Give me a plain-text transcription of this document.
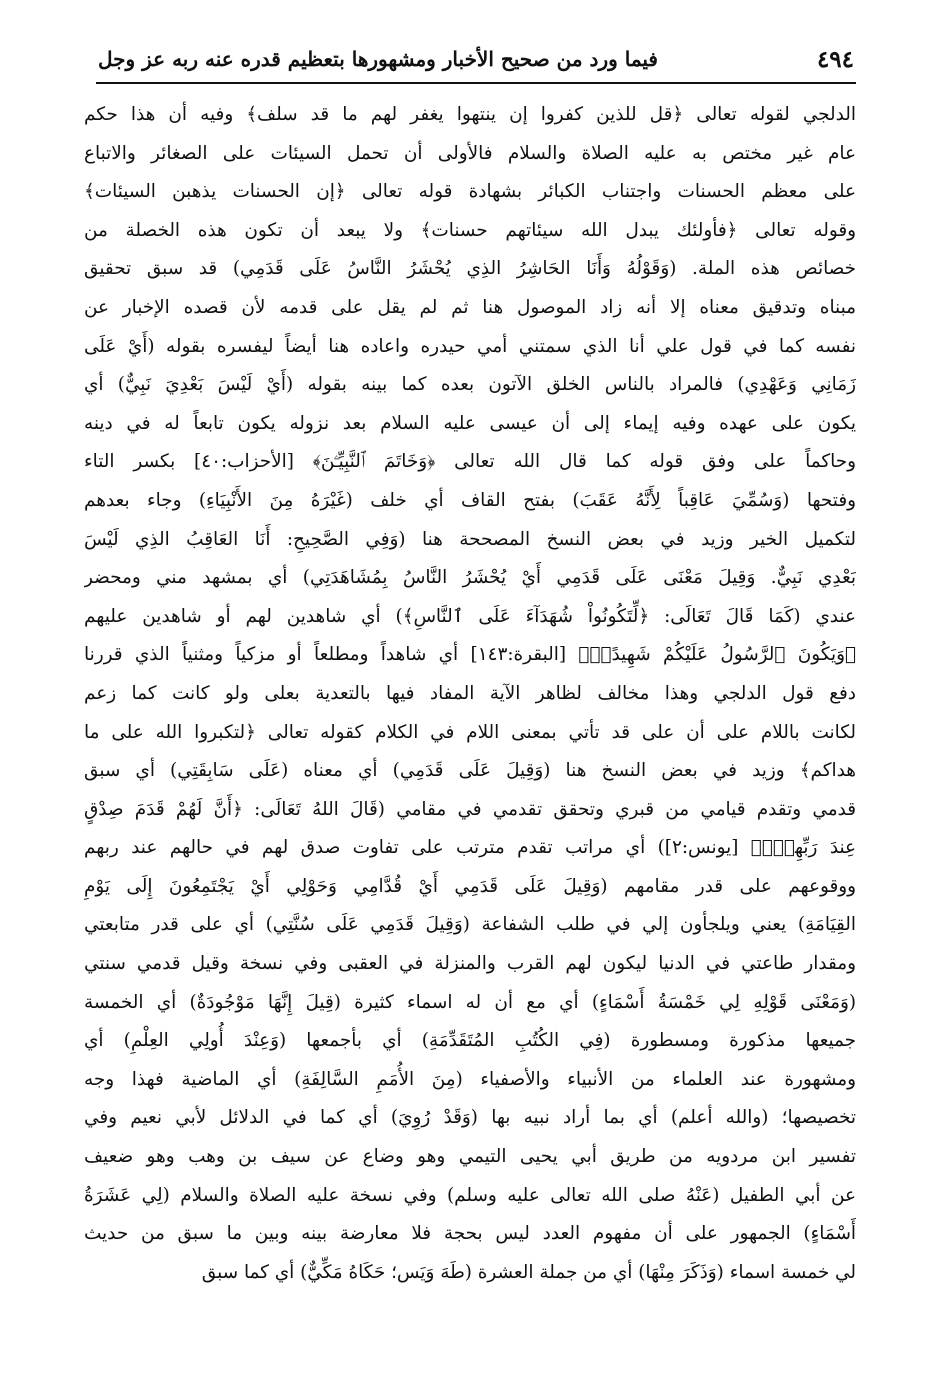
٤٩٤
فيما ورد من صحيح الأخبار ومشهورها بتعظيم قدره عنه ربه عز وجل
الدلجي لقوله تعالى ﴿قل للذين كفروا إن ينتهوا يغفر لهم ما قد سلف﴾ وفيه أن هذا حكم
عام غير مختص به عليه الصلاة والسلام فالأولى أن تحمل السيئات على الصغائر والاتباع
على معظم الحسنات واجتناب الكبائر بشهادة قوله تعالى ﴿إن الحسنات يذهبن السيئات﴾
وقوله تعالى ﴿فأولئك يبدل الله سيئاتهم حسنات﴾ ولا يبعد أن تكون هذه الخصلة من
خصائص هذه الملة. (وَقَوْلُهُ وَأَنَا الحَاشِرُ الذِي يُحْشَرُ النَّاسُ عَلَى قَدَمِي) قد سبق تحقيق
مبناه وتدقيق معناه إلا أنه زاد الموصول هنا ثم لم يقل على قدمه لأن قصده الإخبار عن
نفسه كما في قول علي أنا الذي سمتني أمي حيدره واعاده هنا أيضاً ليفسره بقوله (أَيْ عَلَى
زَمَانِي وَعَهْدِي) فالمراد بالناس الخلق الآتون بعده كما بينه بقوله (أَيْ لَيْسَ بَعْدِيَ نَبِيٌّ) أي
يكون على عهده وفيه إيماء إلى أن عيسى عليه السلام بعد نزوله يكون تابعاً له في دينه
وحاكماً على وفق قوله كما قال الله تعالى ﴿وَخَاتَمَ ٱلنَّبِيِّـۧنَ﴾ [الأحزاب:٤٠] بكسر التاء
وفتحها (وَسُمِّيَ عَاقِباً لِأَنَّهُ عَقَبَ) بفتح القاف أي خلف (غَيْرَهُ مِنَ الأَنْبِيَاءِ) وجاء بعدهم
لتكميل الخير وزيد في بعض النسخ المصححة هنا (وَفِي الصَّحِيحِ: أَنَا العَاقِبُ الذِي لَيْسَ
بَعْدِي نَبِيٌّ. وَقِيلَ مَعْنَى عَلَى قَدَمِي أَيْ يُحْشَرُ النَّاسُ بِمُشَاهَدَتِي) أي بمشهد مني ومحضر
عندي (كَمَا قَالَ تَعَالَى: ﴿لِّتَكُونُواْ شُهَدَآءَ عَلَى ٱلنَّاسِ﴾) أي شاهدين لهم أو شاهدين عليهم
﴿وَيَكُونَ ٱلرَّسُولُ عَلَيْكُمْ شَهِيدًاۗ﴾ [البقرة:١٤٣] أي شاهداً ومطلعاً أو مزكياً ومثنياً الذي قررنا
دفع قول الدلجي وهذا مخالف لظاهر الآية المفاد فيها بالتعدية بعلى ولو كانت كما زعم
لكانت باللام على أن على قد تأتي بمعنى اللام في الكلام كقوله تعالى ﴿لتكبروا الله على ما
هداكم﴾ وزيد في بعض النسخ هنا (وَقِيلَ عَلَى قَدَمِي) أي معناه (عَلَى سَابِقَتِي) أي سبق
قدمي وتقدم قيامي من قبري وتحقق تقدمي في مقامي (قَالَ اللهُ تَعَالَى: ﴿أَنَّ لَهُمْ قَدَمَ صِدْقٍ
عِندَ رَبِّهِمْۗ﴾ [يونس:٢]) أي مراتب تقدم مترتب على تفاوت صدق لهم في حالهم عند ربهم
ووقوعهم على قدر مقامهم (وَقِيلَ عَلَى قَدَمِي أَيْ قُدَّامِي وَحَوْلِي أَيْ يَجْتَمِعُونَ إِلَى يَوْمِ
القِيَامَةِ) يعني ويلجأون إلي في طلب الشفاعة (وَقِيلَ قَدَمِي عَلَى سُنَّتِي) أي على قدر متابعتي
ومقدار طاعتي في الدنيا ليكون لهم القرب والمنزلة في العقبى وفي نسخة وقيل قدمي سنتي
(وَمَعْنَى قَوْلِهِ لِي خَمْسَةُ أَسْمَاءٍ) أي مع أن له اسماء كثيرة (قِيلَ إِنَّهَا مَوْجُودَةٌ) أي الخمسة
جميعها مذكورة ومسطورة (فِي الكُتُبِ المُتَقَدِّمَةِ) أي بأجمعها (وَعِنْدَ أُولِي العِلْمِ) أي
ومشهورة عند العلماء من الأنبياء والأصفياء (مِنَ الأُمَمِ السَّالِفَةِ) أي الماضية فهذا وجه
تخصيصها؛ (والله أعلم) أي بما أراد نبيه بها (وَقَدْ رُوِيَ) أي كما في الدلائل لأبي نعيم وفي
تفسير ابن مردويه من طريق أبي يحيى التيمي وهو وضاع عن سيف بن وهب وهو ضعيف
عن أبي الطفيل (عَنْهُ صلى الله تعالى عليه وسلم) وفي نسخة عليه الصلاة والسلام (لِي عَشَرَةُ
أَسْمَاءٍ) الجمهور على أن مفهوم العدد ليس بحجة فلا معارضة بينه وبين ما سبق من حديث
لي خمسة اسماء (وَذَكَرَ مِنْهَا) أي من جملة العشرة (طَهَ وَيَس؛ حَكَاهُ مَكِّيٌّ) أي كما سبق
